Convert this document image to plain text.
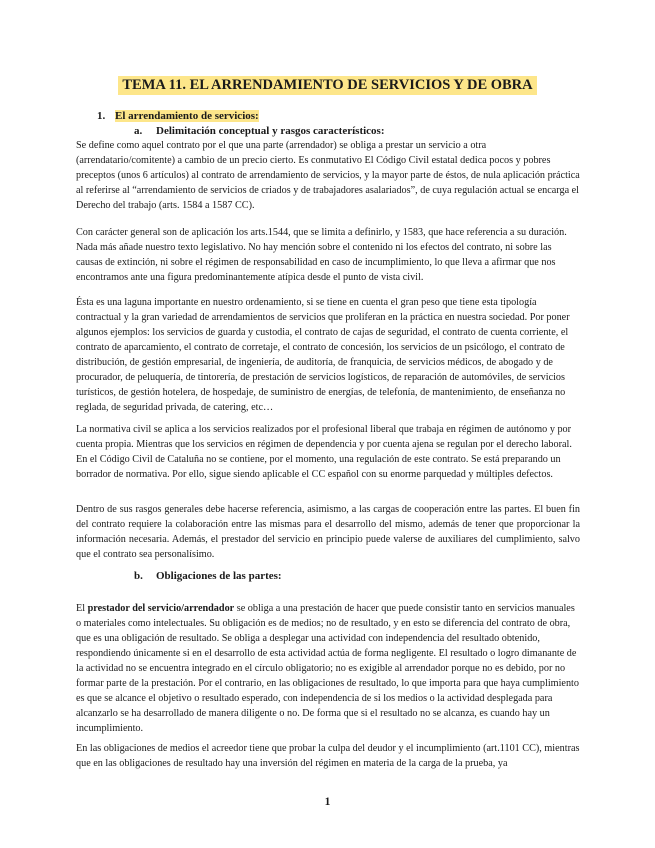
TEMA 11. EL ARRENDAMIENTO DE SERVICIOS Y DE OBRA
1. El arrendamiento de servicios:
a. Delimitación conceptual y rasgos característicos:

Se define como aquel contrato por el que una parte (arrendador) se obliga a prestar un servicio a otra (arrendatario/comitente) a cambio de un precio cierto. Es conmutativo El Código Civil estatal dedica pocos y pobres preceptos (unos 6 artículos) al contrato de arrendamiento de servicios, y la mayor parte de éstos, de nula aplicación práctica al referirse al “arrendamiento de servicios de criados y de trabajadores asalariados”, de cuya regulación actual se encarga el Derecho del trabajo (arts. 1584 a 1587 CC).

Con carácter general son de aplicación los arts.1544, que se limita a definirlo, y 1583, que hace referencia a su duración. Nada más añade nuestro texto legislativo. No hay mención sobre el contenido ni los efectos del contrato, ni sobre las causas de extinción, ni sobre el régimen de responsabilidad en caso de incumplimiento, lo que lleva a afirmar que nos encontramos ante una figura predominantemente atípica desde el punto de vista civil.

Ésta es una laguna importante en nuestro ordenamiento, si se tiene en cuenta el gran peso que tiene esta tipología contractual y la gran variedad de arrendamientos de servicios que proliferan en la práctica en nuestra sociedad. Por poner algunos ejemplos: los servicios de guarda y custodia, el contrato de cajas de seguridad, el contrato de cuenta corriente, el contrato de aparcamiento, el contrato de corretaje, el contrato de concesión, los servicios de un psicólogo, el contrato de distribución, de gestión empresarial, de ingeniería, de auditoría, de franquicia, de servicios médicos, de abogado y de procurador, de peluquería, de tintorería, de prestación de servicios logísticos, de reparación de automóviles, de servicios turísticos, de gestión hotelera, de hospedaje, de suministro de energías, de telefonía, de mantenimiento, de enseñanza no reglada, de seguridad privada, de catering, etc…

La normativa civil se aplica a los servicios realizados por el profesional liberal que trabaja en régimen de autónomo y por cuenta propia. Mientras que los servicios en régimen de dependencia y por cuenta ajena se regulan por el derecho laboral. En el Código Civil de Cataluña no se contiene, por el momento, una regulación de este contrato. Se está preparando un borrador de normativa. Por ello, sigue siendo aplicable el CC español con su enorme parquedad y múltiples defectos.

Dentro de sus rasgos generales debe hacerse referencia, asimismo, a las cargas de cooperación entre las partes. El buen fin del contrato requiere la colaboración entre las mismas para el desarrollo del mismo, además de tener que proporcionar la información necesaria. Además, el prestador del servicio en principio puede valerse de auxiliares del cumplimiento, salvo que el contrato sea personalísimo.

b. Obligaciones de las partes:

El prestador del servicio/arrendador se obliga a una prestación de hacer que puede consistir tanto en servicios manuales o materiales como intelectuales. Su obligación es de medios; no de resultado, y en esto se diferencia del contrato de obra, que es una obligación de resultado. Se obliga a desplegar una actividad con independencia del resultado obtenido, respondiendo únicamente si en el desarrollo de esta actividad actúa de forma negligente. El resultado o logro dimanante de la actividad no se encuentra integrado en el círculo obligatorio; no es exigible al arrendador porque no es debido, por no formar parte de la prestación. Por el contrario, en las obligaciones de resultado, lo que importa para que haya cumplimiento es que se alcance el objetivo o resultado esperado, con independencia de si los medios o la actividad desplegada para alcanzarlo se ha desarrollado de manera diligente o no. De forma que si el resultado no se alcanza, es cuando hay un incumplimiento.

En las obligaciones de medios el acreedor tiene que probar la culpa del deudor y el incumplimiento (art.1101 CC), mientras que en las obligaciones de resultado hay una inversión del régimen en materia de la carga de la prueba, ya

1
